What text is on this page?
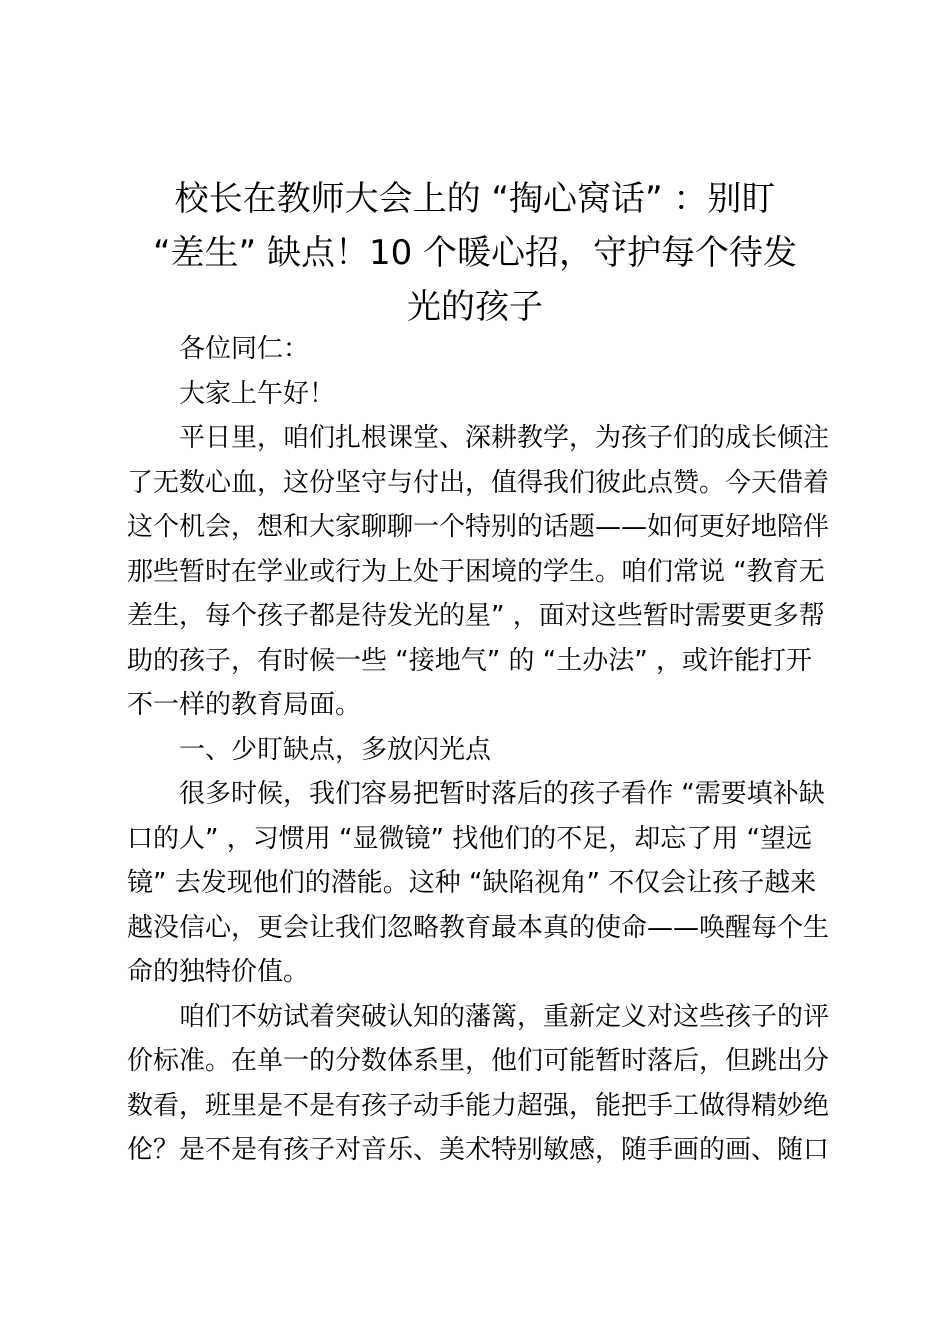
校长在教师大会上的 “掏心窝话” ：别盯
“差生” 缺点！10 个暖心招，守护每个待发
光的孩子

各位同仁：

大家上午好！

平日里，咱们扎根课堂、深耕教学，为孩子们的成长倾注
了无数心血，这份坚守与付出，值得我们彼此点赞。今天借着
这个机会，想和大家聊聊一个特别的话题——如何更好地陪伴
那些暂时在学业或行为上处于困境的学生。咱们常说 “教育无
差生，每个孩子都是待发光的星” ，面对这些暂时需要更多帮
助的孩子，有时候一些 “接地气” 的 “土办法” ，或许能打开
不一样的教育局面。

一、少盯缺点，多放闪光点

很多时候，我们容易把暂时落后的孩子看作 “需要填补缺
口的人” ，习惯用 “显微镜” 找他们的不足，却忘了用 “望远
镜” 去发现他们的潜能。这种 “缺陷视角” 不仅会让孩子越来
越没信心，更会让我们忽略教育最本真的使命——唤醒每个生
命的独特价值。

咱们不妨试着突破认知的藩篱，重新定义对这些孩子的评
价标准。在单一的分数体系里，他们可能暂时落后，但跳出分
数看，班里是不是有孩子动手能力超强，能把手工做得精妙绝
伦？是不是有孩子对音乐、美术特别敏感，随手画的画、随口
